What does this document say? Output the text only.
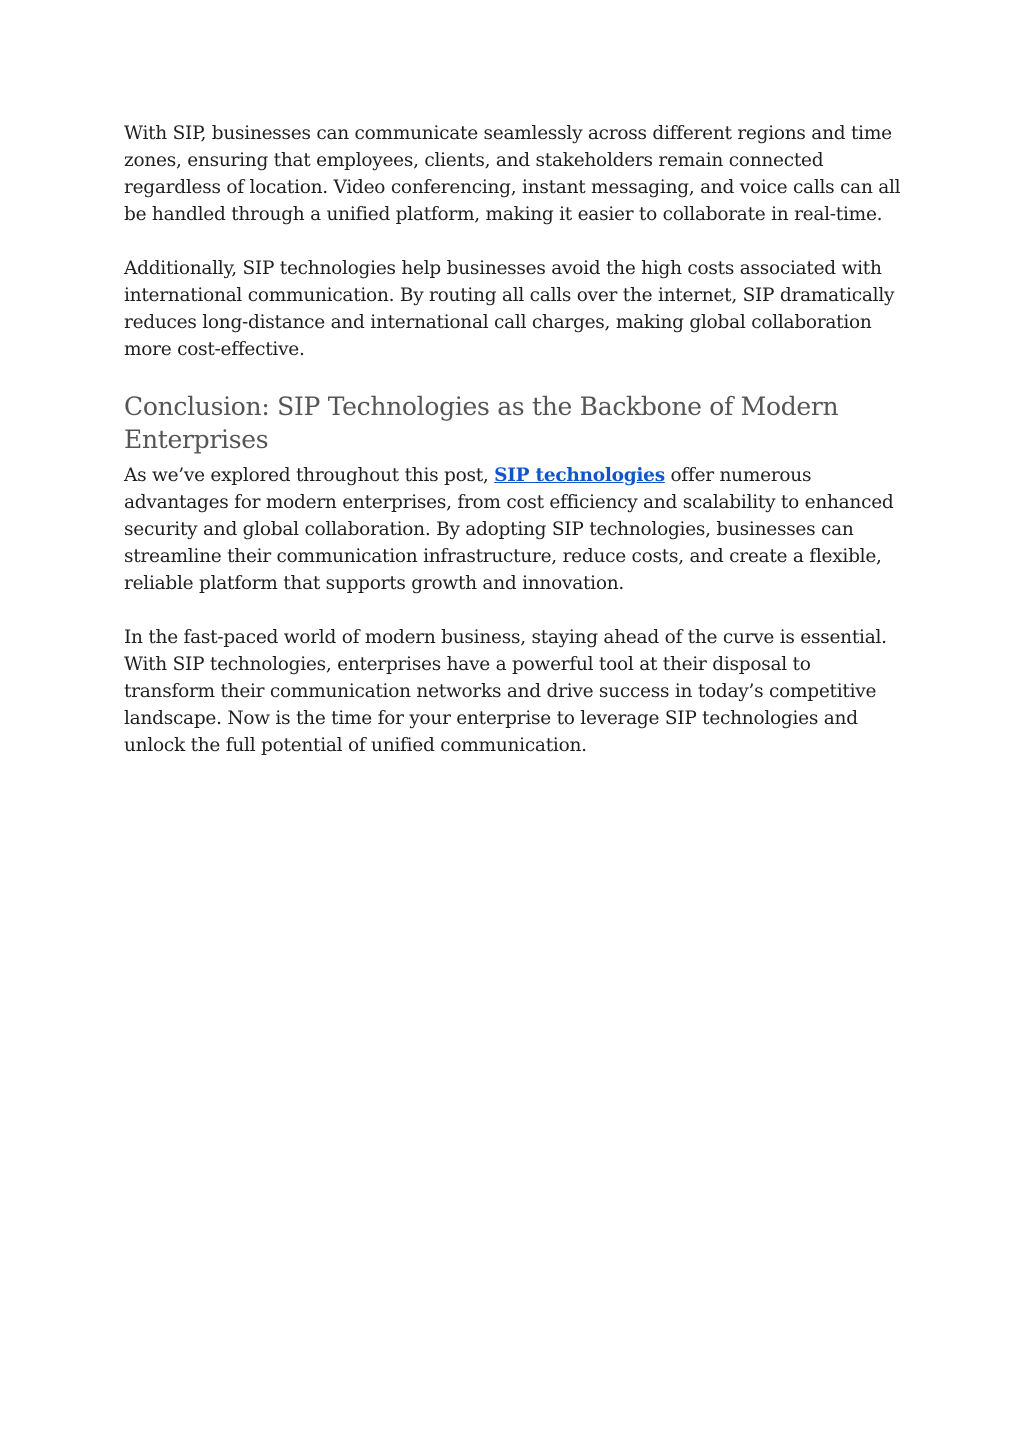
With SIP, businesses can communicate seamlessly across different regions and time zones, ensuring that employees, clients, and stakeholders remain connected regardless of location. Video conferencing, instant messaging, and voice calls can all be handled through a unified platform, making it easier to collaborate in real-time.

Additionally, SIP technologies help businesses avoid the high costs associated with international communication. By routing all calls over the internet, SIP dramatically reduces long-distance and international call charges, making global collaboration more cost-effective.

Conclusion: SIP Technologies as the Backbone of Modern Enterprises

As we’ve explored throughout this post, SIP technologies offer numerous advantages for modern enterprises, from cost efficiency and scalability to enhanced security and global collaboration. By adopting SIP technologies, businesses can streamline their communication infrastructure, reduce costs, and create a flexible, reliable platform that supports growth and innovation.

In the fast-paced world of modern business, staying ahead of the curve is essential. With SIP technologies, enterprises have a powerful tool at their disposal to transform their communication networks and drive success in today’s competitive landscape. Now is the time for your enterprise to leverage SIP technologies and unlock the full potential of unified communication.
